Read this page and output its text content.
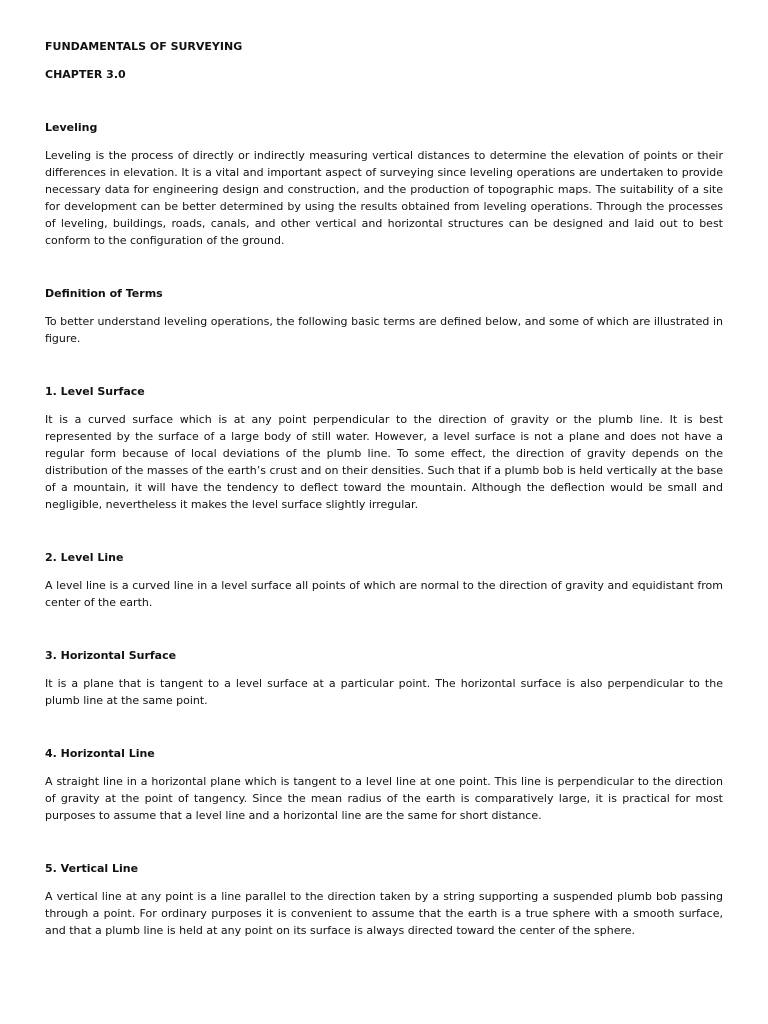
FUNDAMENTALS OF SURVEYING

CHAPTER 3.0

Leveling

Leveling is the process of directly or indirectly measuring vertical distances to determine the elevation of points or their differences in elevation. It is a vital and important aspect of surveying since leveling operations are undertaken to provide necessary data for engineering design and construction, and the production of topographic maps. The suitability of a site for development can be better determined by using the results obtained from leveling operations. Through the processes of leveling, buildings, roads, canals, and other vertical and horizontal structures can be designed and laid out to best conform to the configuration of the ground.

Definition of Terms

To better understand leveling operations, the following basic terms are defined below, and some of which are illustrated in figure.

1. Level Surface

It is a curved surface which is at any point perpendicular to the direction of gravity or the plumb line. It is best represented by the surface of a large body of still water. However, a level surface is not a plane and does not have a regular form because of local deviations of the plumb line. To some effect, the direction of gravity depends on the distribution of the masses of the earth’s crust and on their densities. Such that if a plumb bob is held vertically at the base of a mountain, it will have the tendency to deflect toward the mountain. Although the deflection would be small and negligible, nevertheless it makes the level surface slightly irregular.

2. Level Line

A level line is a curved line in a level surface all points of which are normal to the direction of gravity and equidistant from center of the earth.

3. Horizontal Surface

It is a plane that is tangent to a level surface at a particular point. The horizontal surface is also perpendicular to the plumb line at the same point.

4. Horizontal Line

A straight line in a horizontal plane which is tangent to a level line at one point. This line is perpendicular to the direction of gravity at the point of tangency. Since the mean radius of the earth is comparatively large, it is practical for most purposes to assume that a level line and a horizontal line are the same for short distance.

5. Vertical Line

A vertical line at any point is a line parallel to the direction taken by a string supporting a suspended plumb bob passing through a point. For ordinary purposes it is convenient to assume that the earth is a true sphere with a smooth surface, and that a plumb line is held at any point on its surface is always directed toward the center of the sphere.
